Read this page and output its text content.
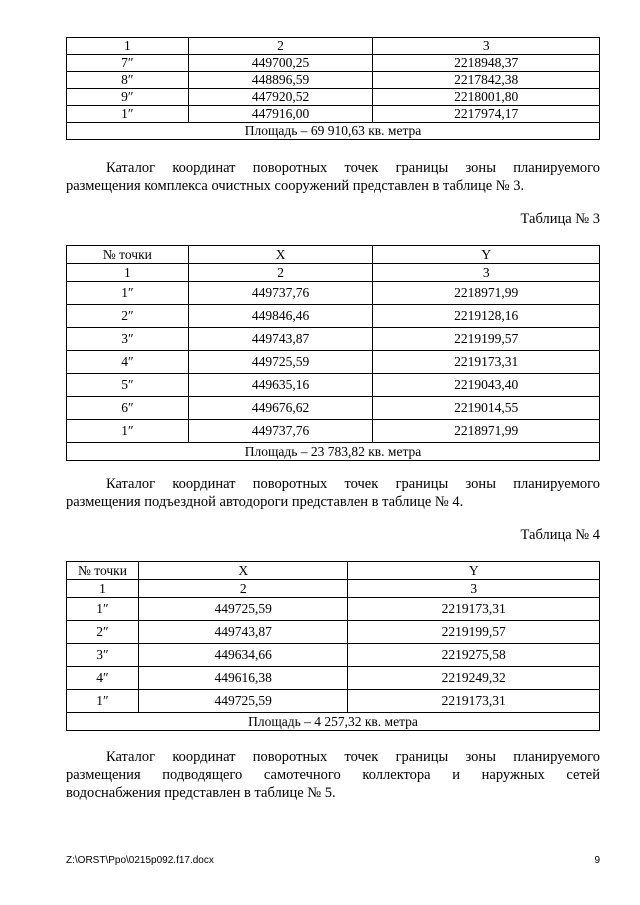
1	2	3
7″	449700,25	2218948,37
8″	448896,59	2217842,38
9″	447920,52	2218001,80
1″	447916,00	2217974,17
Площадь – 69 910,63 кв. метра		
Каталог координат поворотных точек границы зоны планируемого
размещения комплекса очистных сооружений представлен в таблице № 3.
Таблица № 3
№ точки	X	Y
1	2	3
1″	449737,76	2218971,99
2″	449846,46	2219128,16
3″	449743,87	2219199,57
4″	449725,59	2219173,31
5″	449635,16	2219043,40
6″	449676,62	2219014,55
1″	449737,76	2218971,99
Площадь – 23 783,82 кв. метра		
Каталог координат поворотных точек границы зоны планируемого
размещения подъездной автодороги представлен в таблице № 4.
Таблица № 4
№ точки	X	Y
1	2	3
1″	449725,59	2219173,31
2″	449743,87	2219199,57
3″	449634,66	2219275,58
4″	449616,38	2219249,32
1″	449725,59	2219173,31
Площадь – 4 257,32 кв. метра		
Каталог координат поворотных точек границы зоны планируемого
размещения подводящего самотечного коллектора и наружных сетей
водоснабжения представлен в таблице № 5.
Z:\ORST\Ppo\0215p092.f17.docx	9
